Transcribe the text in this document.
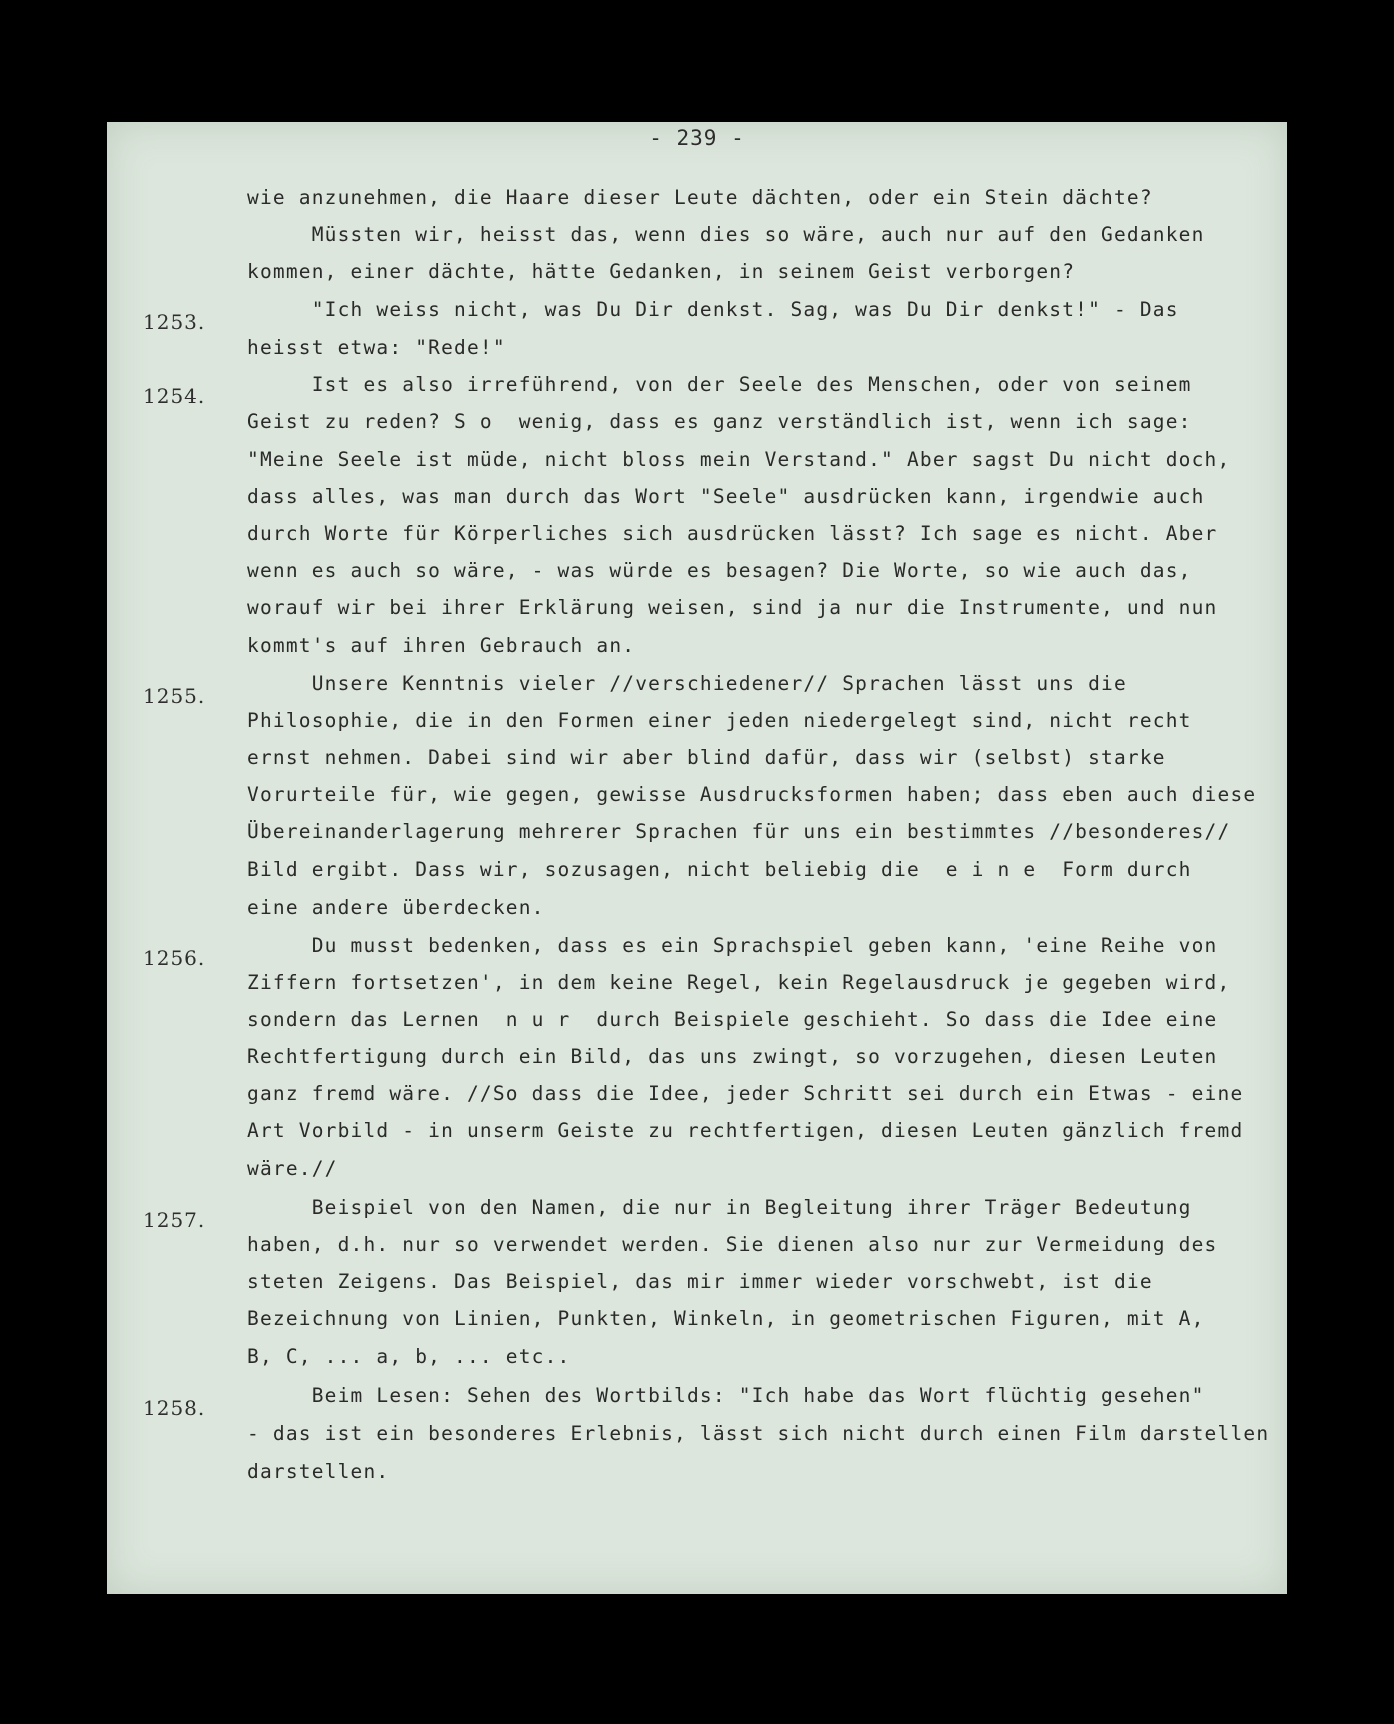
- 239 -
1253.
1254.
1255.
1256.
1257.
1258.
wie anzunehmen, die Haare dieser Leute dächten, oder ein Stein dächte?
Müssten wir, heisst das, wenn dies so wäre, auch nur auf den Gedanken
kommen, einer dächte, hätte Gedanken, in seinem Geist verborgen?
"Ich weiss nicht, was Du Dir denkst. Sag, was Du Dir denkst!" - Das
heisst etwa: "Rede!"
Ist es also irreführend, von der Seele des Menschen, oder von seinem
Geist zu reden? S o  wenig, dass es ganz verständlich ist, wenn ich sage:
"Meine Seele ist müde, nicht bloss mein Verstand." Aber sagst Du nicht doch,
dass alles, was man durch das Wort "Seele" ausdrücken kann, irgendwie auch
durch Worte für Körperliches sich ausdrücken lässt? Ich sage es nicht. Aber
wenn es auch so wäre, - was würde es besagen? Die Worte, so wie auch das,
worauf wir bei ihrer Erklärung weisen, sind ja nur die Instrumente, und nun
kommt's auf ihren Gebrauch an.
Unsere Kenntnis vieler //verschiedener// Sprachen lässt uns die
Philosophie, die in den Formen einer jeden niedergelegt sind, nicht recht
ernst nehmen. Dabei sind wir aber blind dafür, dass wir (selbst) starke
Vorurteile für, wie gegen, gewisse Ausdrucksformen haben; dass eben auch diese
Übereinanderlagerung mehrerer Sprachen für uns ein bestimmtes //besonderes//
Bild ergibt. Dass wir, sozusagen, nicht beliebig die  e i n e  Form durch
eine andere überdecken.
Du musst bedenken, dass es ein Sprachspiel geben kann, 'eine Reihe von
Ziffern fortsetzen', in dem keine Regel, kein Regelausdruck je gegeben wird,
sondern das Lernen  n u r  durch Beispiele geschieht. So dass die Idee eine
Rechtfertigung durch ein Bild, das uns zwingt, so vorzugehen, diesen Leuten
ganz fremd wäre. //So dass die Idee, jeder Schritt sei durch ein Etwas - eine
Art Vorbild - in unserm Geiste zu rechtfertigen, diesen Leuten gänzlich fremd
wäre.//
Beispiel von den Namen, die nur in Begleitung ihrer Träger Bedeutung
haben, d.h. nur so verwendet werden. Sie dienen also nur zur Vermeidung des
steten Zeigens. Das Beispiel, das mir immer wieder vorschwebt, ist die
Bezeichnung von Linien, Punkten, Winkeln, in geometrischen Figuren, mit A,
B, C, ... a, b, ... etc..
Beim Lesen: Sehen des Wortbilds: "Ich habe das Wort flüchtig gesehen"
- das ist ein besonderes Erlebnis, lässt sich nicht durch einen Film darstellen
darstellen.
